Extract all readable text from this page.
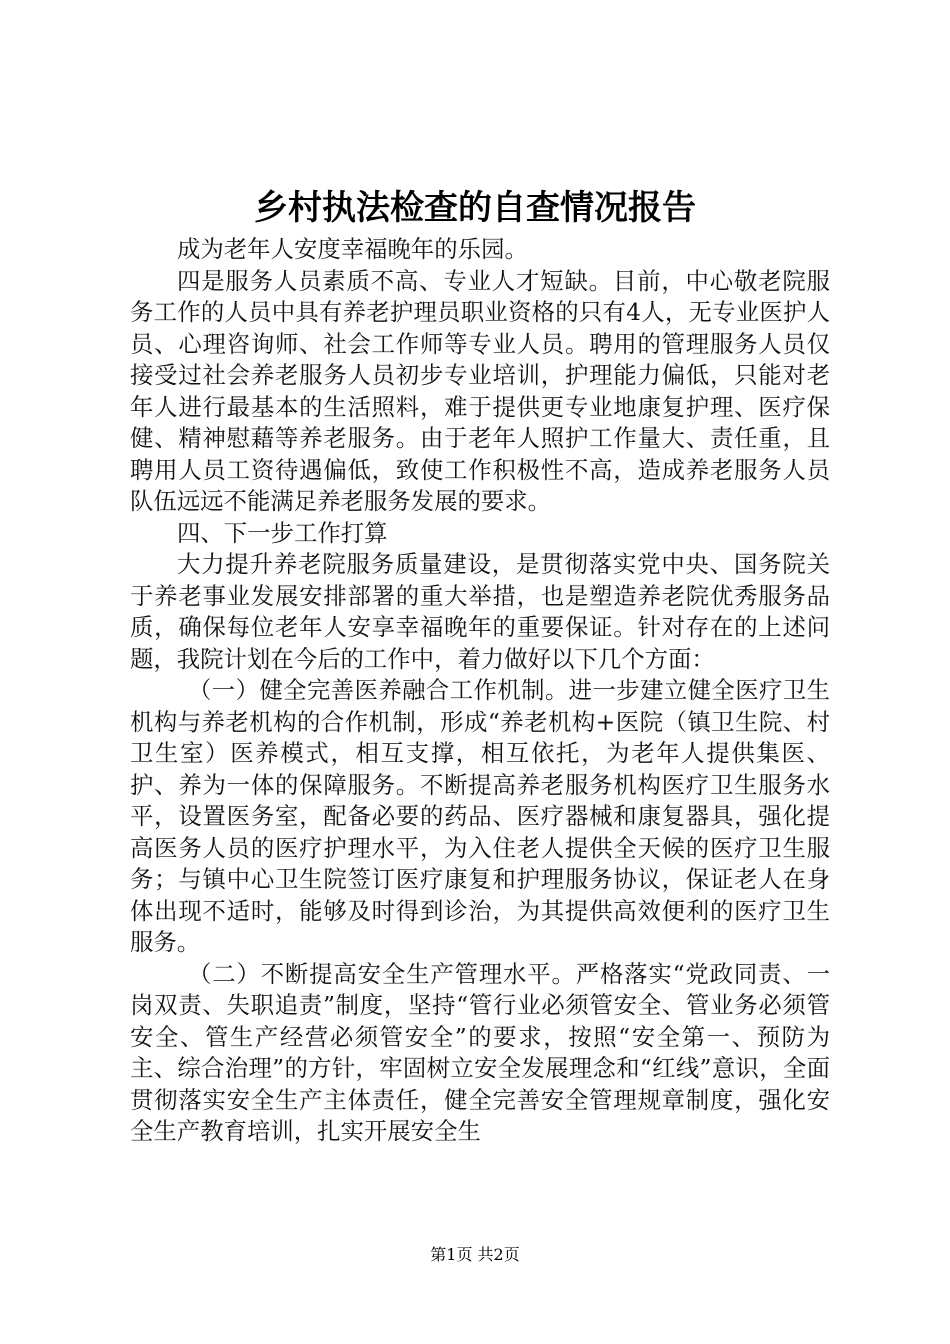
乡村执法检查的自查情况报告

成为老年人安度幸福晚年的乐园。

四是服务人员素质不高、专业人才短缺。目前，中心敬老院服务工作的人员中具有养老护理员职业资格的只有4人，无专业医护人员、心理咨询师、社会工作师等专业人员。聘用的管理服务人员仅接受过社会养老服务人员初步专业培训，护理能力偏低，只能对老年人进行最基本的生活照料，难于提供更专业地康复护理、医疗保健、精神慰藉等养老服务。由于老年人照护工作量大、责任重，且聘用人员工资待遇偏低，致使工作积极性不高，造成养老服务人员队伍远远不能满足养老服务发展的要求。

四、下一步工作打算

大力提升养老院服务质量建设，是贯彻落实党中央、国务院关于养老事业发展安排部署的重大举措，也是塑造养老院优秀服务品质，确保每位老年人安享幸福晚年的重要保证。针对存在的上述问题，我院计划在今后的工作中，着力做好以下几个方面：

（一）健全完善医养融合工作机制。进一步建立健全医疗卫生机构与养老机构的合作机制，形成“养老机构+医院（镇卫生院、村卫生室）医养模式，相互支撑，相互依托，为老年人提供集医、护、养为一体的保障服务。不断提高养老服务机构医疗卫生服务水平，设置医务室，配备必要的药品、医疗器械和康复器具，强化提高医务人员的医疗护理水平，为入住老人提供全天候的医疗卫生服务；与镇中心卫生院签订医疗康复和护理服务协议，保证老人在身体出现不适时，能够及时得到诊治，为其提供高效便利的医疗卫生服务。

（二）不断提高安全生产管理水平。严格落实“党政同责、一岗双责、失职追责”制度，坚持“管行业必须管安全、管业务必须管安全、管生产经营必须管安全”的要求，按照“安全第一、预防为主、综合治理”的方针，牢固树立安全发展理念和“红线”意识，全面贯彻落实安全生产主体责任，健全完善安全管理规章制度，强化安全生产教育培训，扎实开展安全生

第1页 共2页
